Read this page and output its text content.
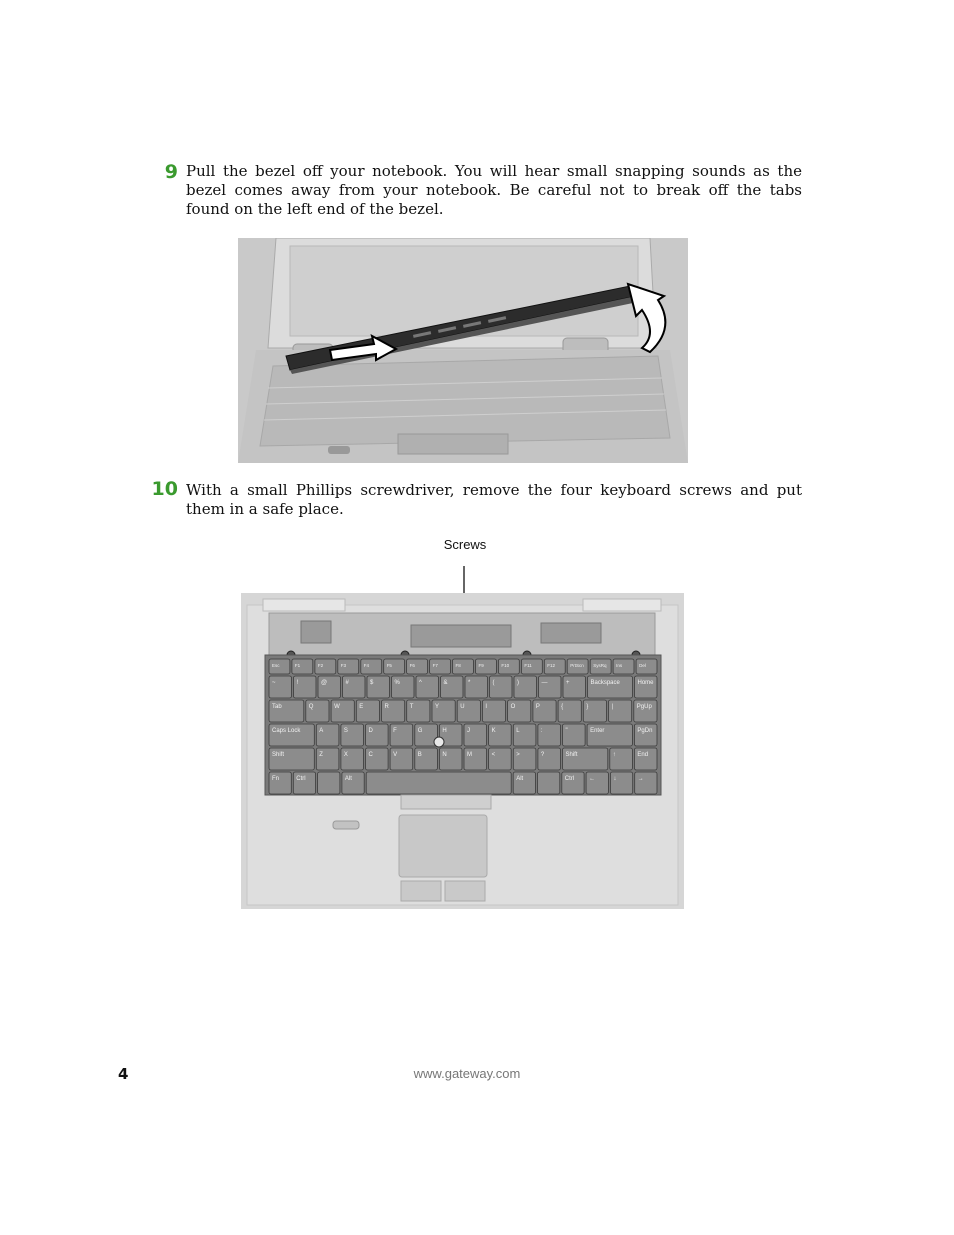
9 Pull the bezel off your notebook. You will hear small snapping sounds as the bezel comes away from your notebook. Be careful not to break off the tabs found on the left end of the bezel.
10 With a small Phillips screwdriver, remove the four keyboard screws and put them in a safe place.
Screws
Esc	F1	F2	F3	F4	F5	F6	F7	F8	F9	F10	F11	F12	PrtScn SysRq Ins	Del
~	!	@	#	$	%	^	&	*	(	)	—	+	Backspace	Home
Tab	Q	W	E	R	T	Y	U	I	O	P	{	}	|	PgUp
Caps Lock	A	S	D	F	G	H	J	K	L	:	"	Enter	PgDn
Shift	Z	X	C	V	B	N	M	<	>	?	Shift	↑	End
Fn	Ctrl	Alt	Alt	Ctrl ←	↓	→
4	www.gateway.com
